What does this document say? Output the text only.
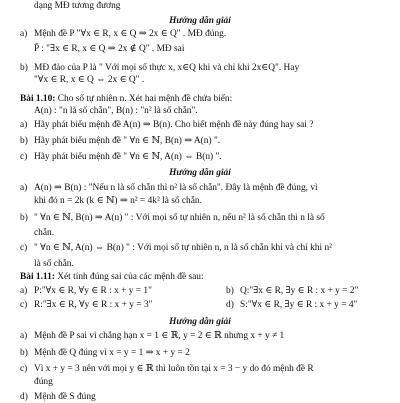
dạng MĐ tương đương
Hướng dẫn giải
a) Mệnh đề P "∀x ∈ R, x ∈ Q ⇒ 2x ∈ Q" . MĐ đúng.
P̄ : "∃x ∈ R, x ∈ Q ⇒ 2x ∉ Q" . MĐ sai
b) MĐ đảo của P là " Với mọi số thực x, x∈Q khi và chỉ khi 2x∈Q". Hay
"∀x ∈ R, x ∈ Q ⇔ 2x ∈ Q" .
Bài 1.10: Cho số tự nhiên n. Xét hai mệnh đề chứa biến:
A(n) : "n là số chẵn", B(n) : "n² là số chẵn".
a) Hãy phát biểu mệnh đề A(n) ⇒ B(n). Cho biết mệnh đề này đúng hay sai ?
b) Hãy phát biểu mệnh đề " ∀n ∈ ℕ, B(n) ⇒ A(n) ".
c) Hãy phát biểu mệnh đề " ∀n ∈ ℕ, A(n) ⇔ B(n) ".
Hướng dẫn giải
a) A(n) ⇒ B(n) : "Nếu n là số chẵn thì n² là số chẵn". Đây là mệnh đề đúng, vì
khi đó n = 2k (k ∈ ℕ) ⇒ n² = 4k² là số chẵn.
b) " ∀n ∈ ℕ, B(n) ⇒ A(n) " : Với mọi số tự nhiên n, nếu n² là số chẵn thì n là số
chẵn.
c) " ∀n ∈ ℕ, A(n) ⇔ B(n) " : Với mọi số tự nhiên n, n là số chẵn khi và chỉ khi n²
là số chẵn.
Bài 1.11: Xét tính đúng sai của các mệnh đề sau:
a) P:"∀x ∈ R, ∀y ∈ R : x + y = 1"	b) Q:"∃x ∈ R, ∃y ∈ R : x + y = 2"
c) R:"∃x ∈ R, ∀y ∈ R : x + y = 3"	d) S:"∀x ∈ R, ∃y ∈ R : x + y = 4"
Hướng dẫn giải
a) Mệnh đề P sai vì chẳng hạn x = 1 ∈ ℝ, y = 2 ∈ ℝ nhưng x + y ≠ 1
b) Mệnh đề Q đúng vì x = y = 1 ⇒ x + y = 2
c) Vì x + y = 3 nên với mọi y ∈ ℝ thì luôn tồn tại x = 3 − y do đó mệnh đề R
đúng
d) Mệnh đề S đúng
